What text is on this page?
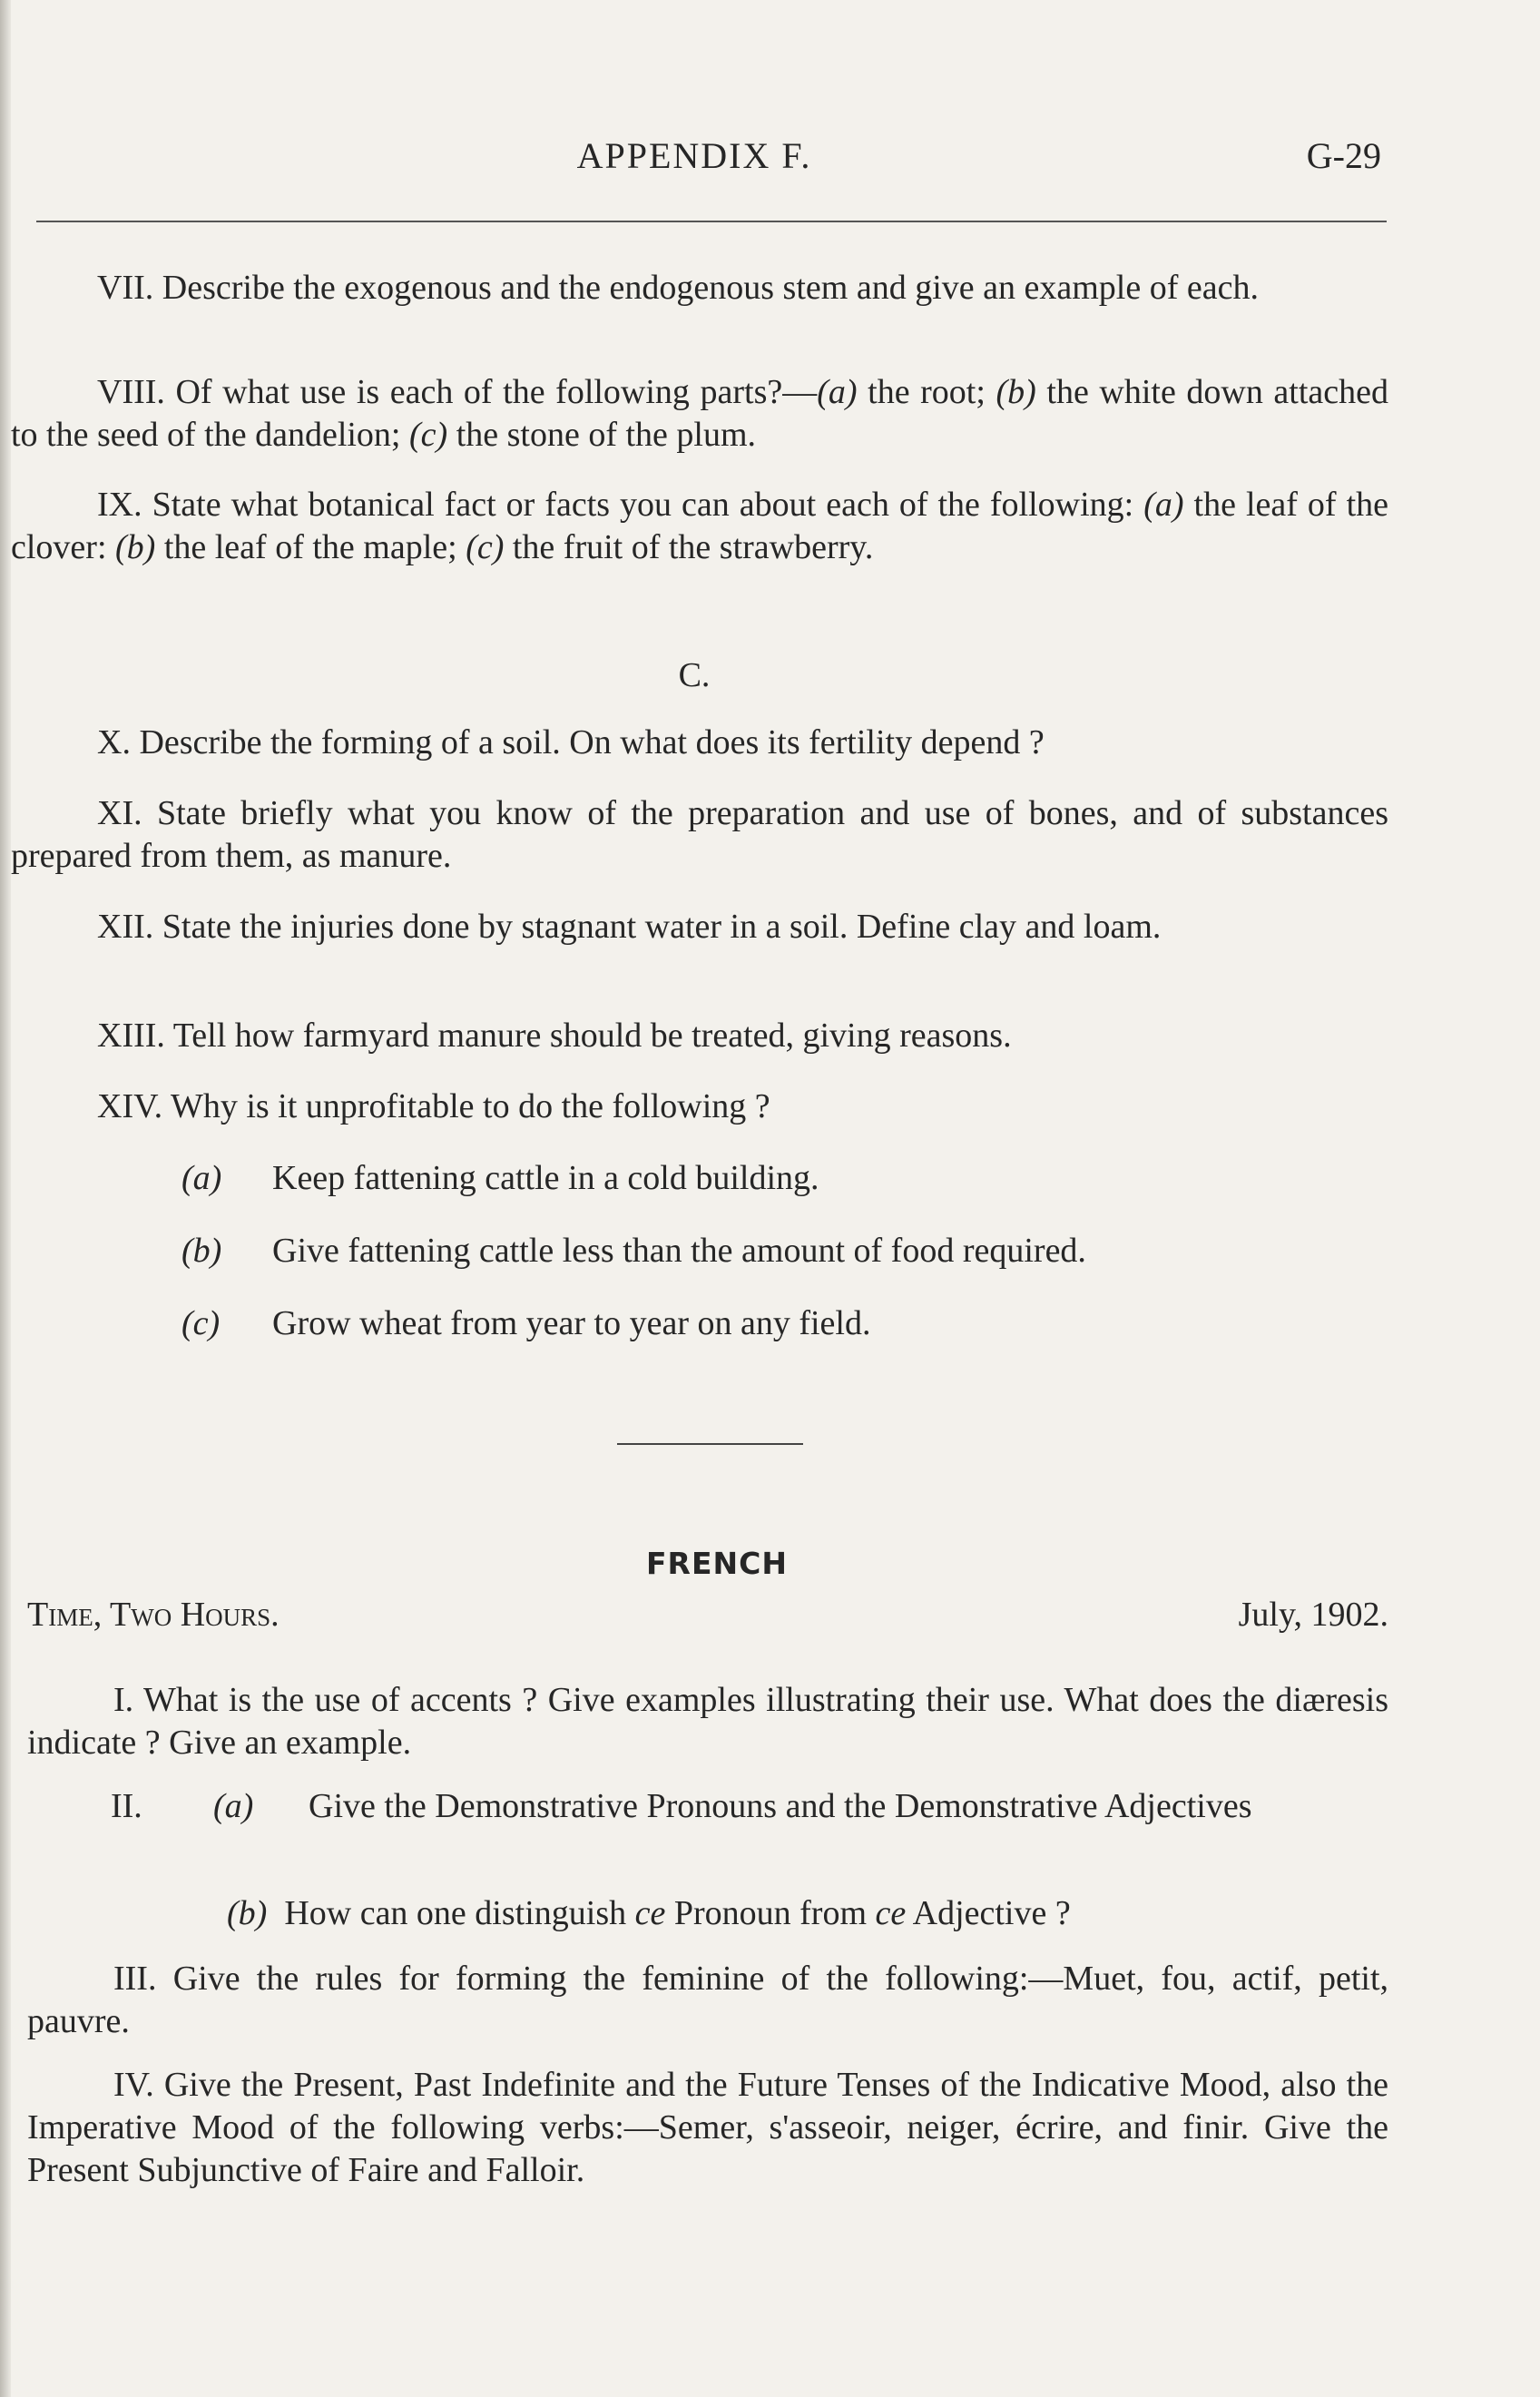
APPENDIX F.	G-29

VII. Describe the exogenous and the endogenous stem and give an example of each.

VIII. Of what use is each of the following parts?—(a) the root; (b) the white down attached to the seed of the dandelion; (c) the stone of the plum.

IX. State what botanical fact or facts you can about each of the following: (a) the leaf of the clover: (b) the leaf of the maple; (c) the fruit of the strawberry.

C.

X. Describe the forming of a soil. On what does its fertility depend ?

XI. State briefly what you know of the preparation and use of bones, and of substances prepared from them, as manure.

XII. State the injuries done by stagnant water in a soil. Define clay and loam.

XIII. Tell how farmyard manure should be treated, giving reasons.

XIV. Why is it unprofitable to do the following ?

(a) Keep fattening cattle in a cold building.

(b) Give fattening cattle less than the amount of food required.

(c) Grow wheat from year to year on any field.

FRENCH
Time, Two Hours.	July, 1902.

I. What is the use of accents ? Give examples illustrating their use. What does the diæresis indicate ? Give an example.

II. (a) Give the Demonstrative Pronouns and the Demonstrative Adjectives

(b) How can one distinguish ce Pronoun from ce Adjective ?

III. Give the rules for forming the feminine of the following:—Muet, fou, actif, petit, pauvre.

IV. Give the Present, Past Indefinite and the Future Tenses of the Indicative Mood, also the Imperative Mood of the following verbs:—Semer, s'asseoir, neiger, écrire, and finir. Give the Present Subjunctive of Faire and Falloir.
